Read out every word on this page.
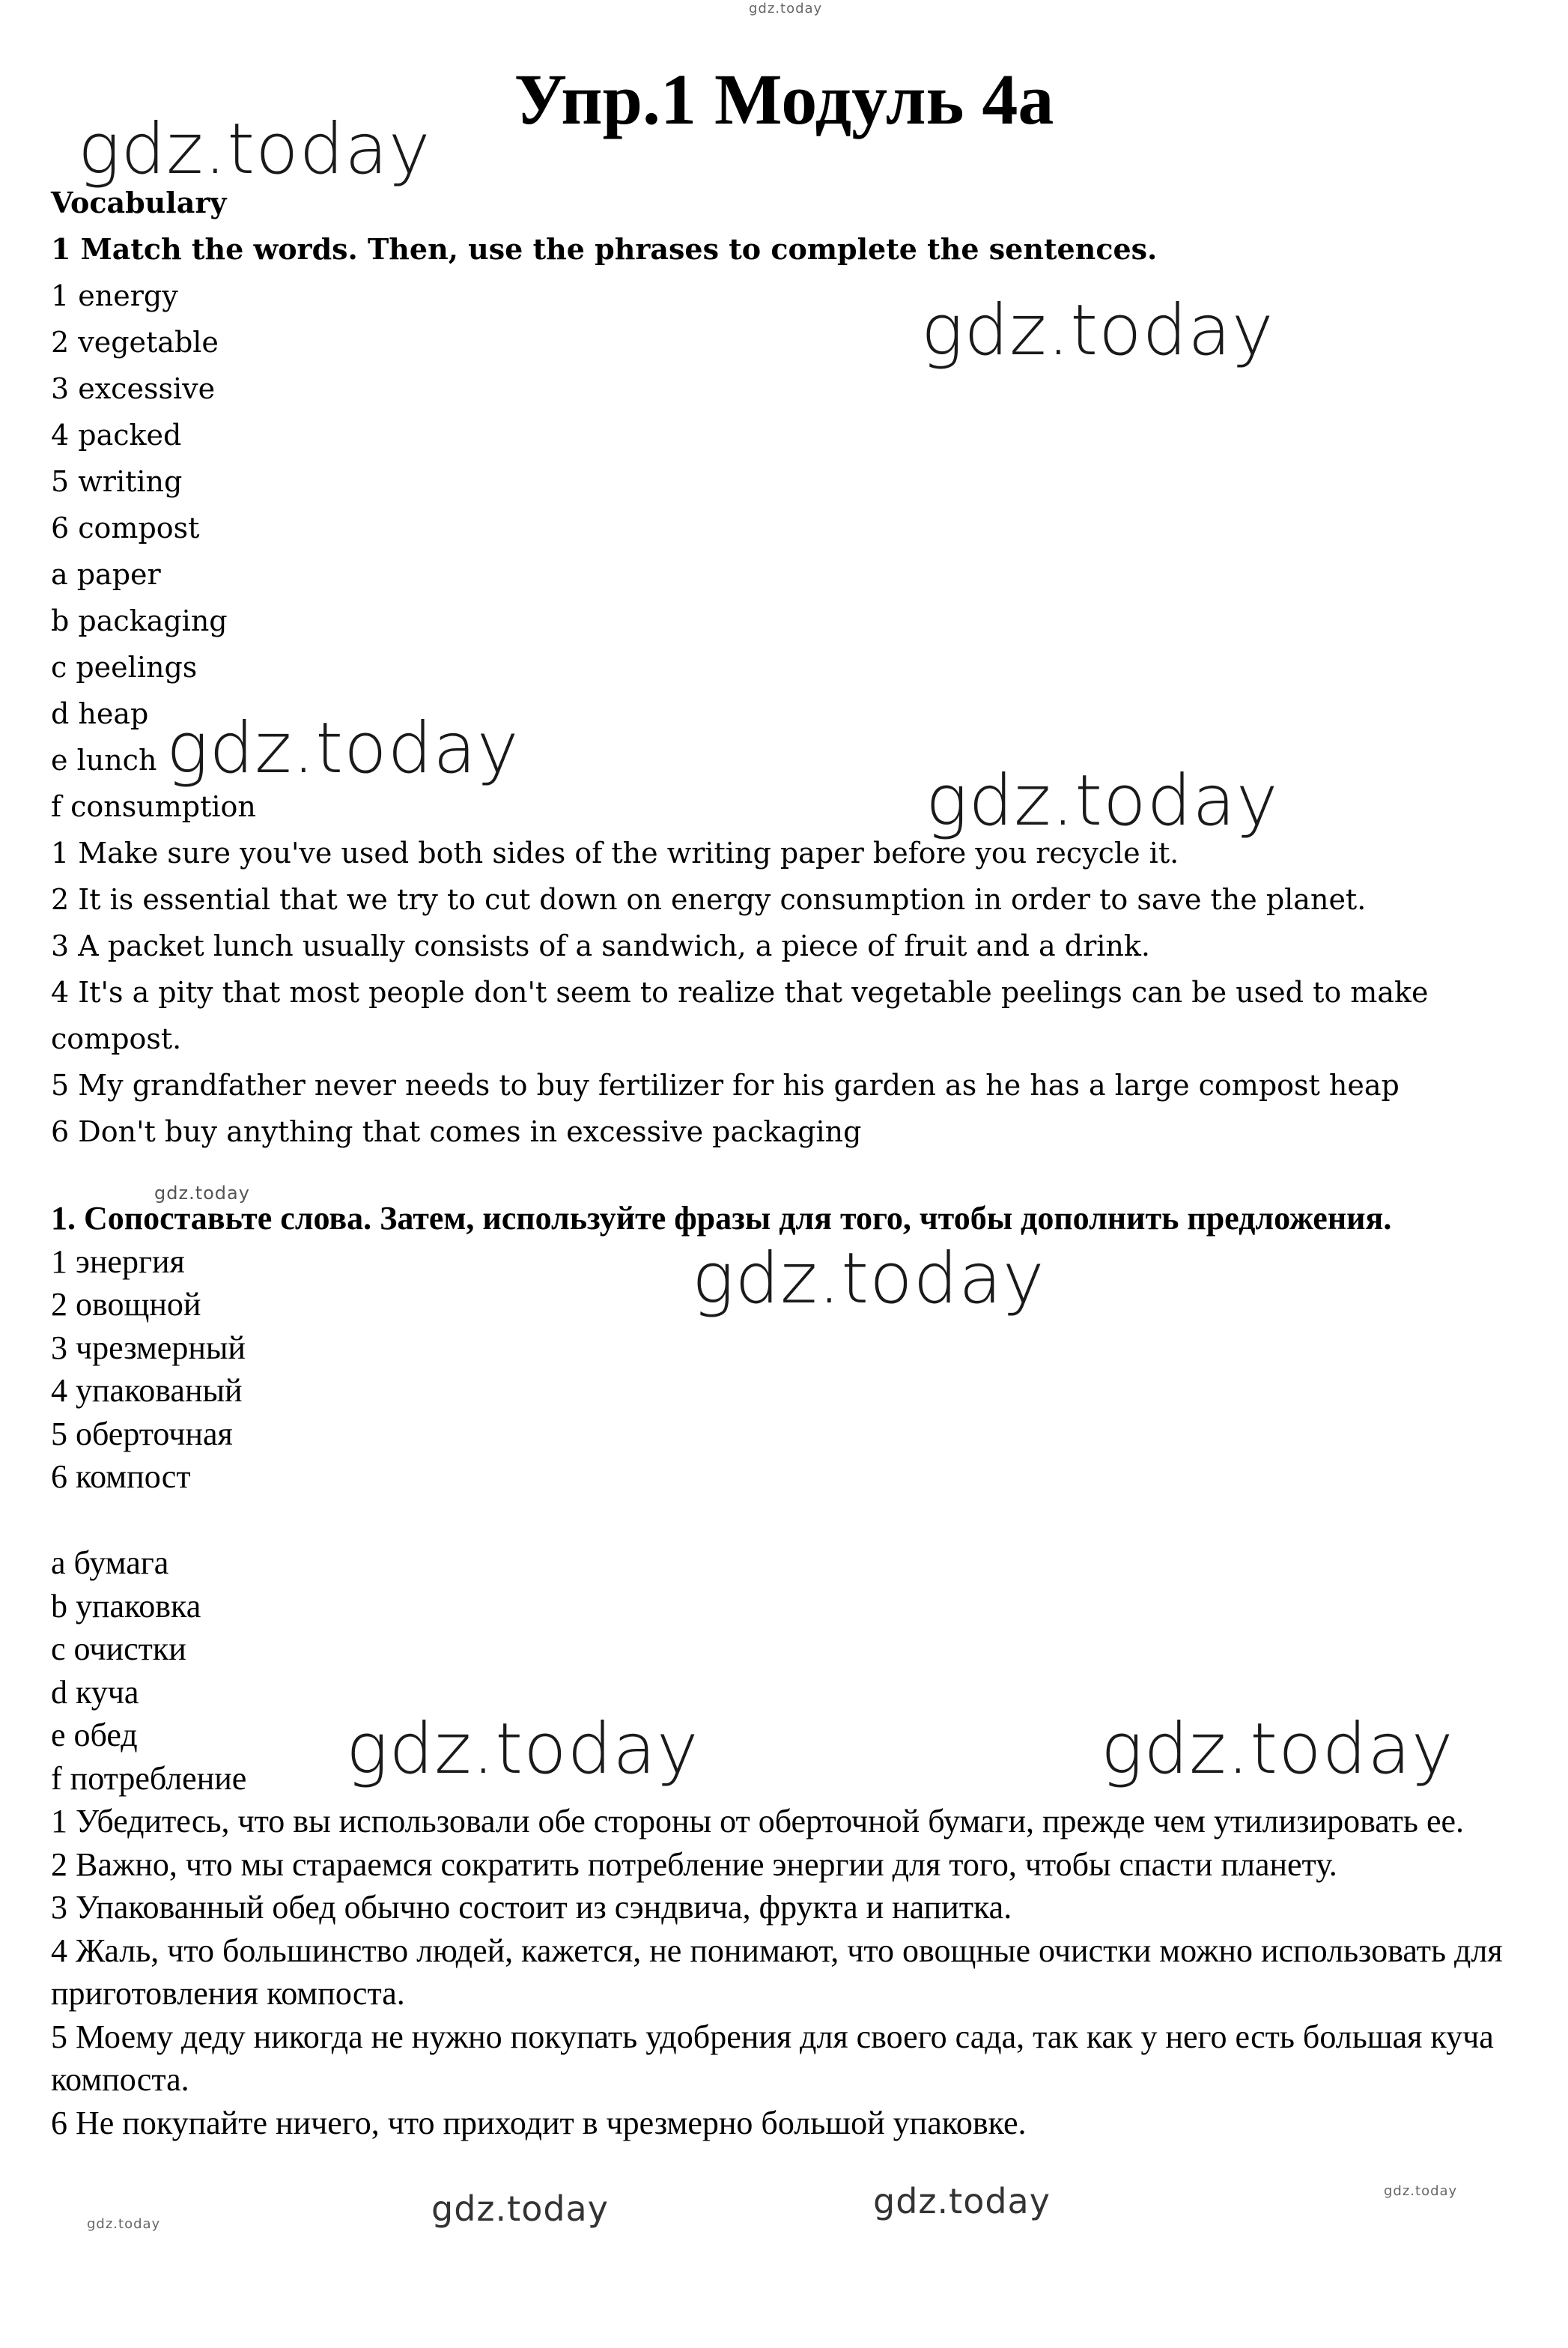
gdz.today
Упр.1 Модуль 4а
Vocabulary
1 Match the words. Then, use the phrases to complete the sentences.
1 energy
2 vegetable
3 excessive
4 packed
5 writing
6 compost
a paper
b packaging
c peelings
d heap
e lunch
f consumption
1 Make sure you've used both sides of the writing paper before you recycle it.
2 It is essential that we try to cut down on energy consumption in order to save the planet.
3 A packet lunch usually consists of a sandwich, a piece of fruit and a drink.
4 It's a pity that most people don't seem to realize that vegetable peelings can be used to make compost.
5 My grandfather never needs to buy fertilizer for his garden as he has a large compost heap
6 Don't buy anything that comes in excessive packaging
1. Сопоставьте слова. Затем, используйте фразы для того, чтобы дополнить предложения.
1 энергия
2 овощной
3 чрезмерный
4 упакованый
5 оберточная
6 компост
a бумага
b упаковка
c очистки
d куча
e обед
f потребление
1 Убедитесь, что вы использовали обе стороны от оберточной бумаги, прежде чем утилизировать ее.
2 Важно, что мы стараемся сократить потребление энергии для того, чтобы спасти планету.
3 Упакованный обед обычно состоит из сэндвича, фрукта и напитка.
4 Жаль, что большинство людей, кажется, не понимают, что овощные очистки можно использовать для приготовления компоста.
5 Моему деду никогда не нужно покупать удобрения для своего сада, так как у него есть большая куча компоста.
6 Не покупайте ничего, что приходит в чрезмерно большой упаковке.
gdz.today
gdz.today
gdz.today
gdz.today
gdz.today
gdz.today
gdz.today	gdz.today
gdz.today	gdz.today
gdz.today
gdz.today
